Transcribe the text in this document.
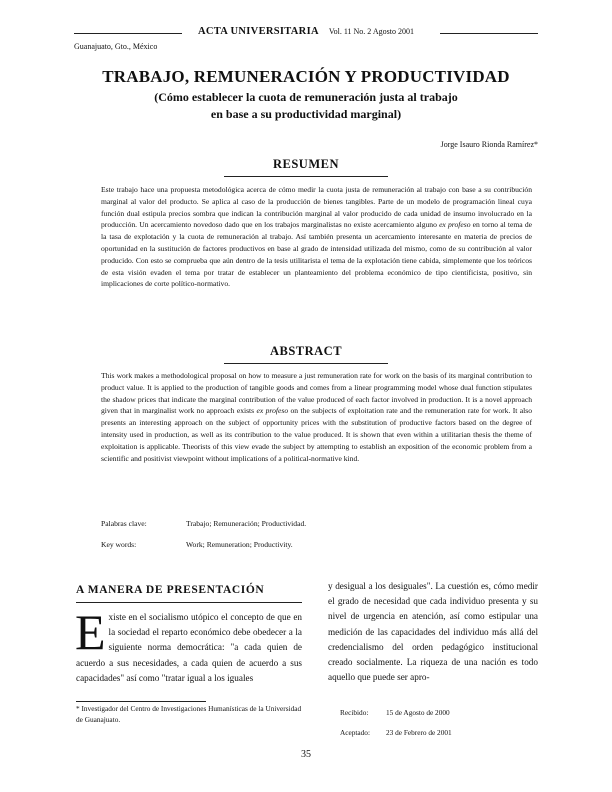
ACTA UNIVERSITARIA Vol. 11 No. 2 Agosto 2001
Guanajuato, Gto., México
TRABAJO, REMUNERACIÓN Y PRODUCTIVIDAD
(Cómo establecer la cuota de remuneración justa al trabajo
en base a su productividad marginal)
Jorge Isauro Rionda Ramírez*
RESUMEN
Este trabajo hace una propuesta metodológica acerca de cómo medir la cuota justa de remuneración al trabajo con base a su contribución marginal al valor del producto. Se aplica al caso de la producción de bienes tangibles. Parte de un modelo de programación lineal cuya función dual estipula precios sombra que indican la contribución marginal al valor producido de cada unidad de insumo involucrado en la producción. Un acercamiento novedoso dado que en los trabajos marginalistas no existe acercamiento alguno ex profeso en torno al tema de la tasa de explotación y la cuota de remuneración al trabajo. Así también presenta un acercamiento interesante en materia de precios de oportunidad en la sustitución de factores productivos en base al grado de intensidad utilizada del mismo, como de su contribución al valor producido. Con esto se comprueba que aún dentro de la tesis utilitarista el tema de la explotación tiene cabida, simplemente que los teóricos de esta visión evaden el tema por tratar de establecer un planteamiento del problema económico de tipo cientificista, positivo, sin implicaciones de corte político-normativo.
ABSTRACT
This work makes a methodological proposal on how to measure a just remuneration rate for work on the basis of its marginal contribution to product value. It is applied to the production of tangible goods and comes from a linear programming model whose dual function stipulates the shadow prices that indicate the marginal contribution of the value produced of each factor involved in production. It is a novel approach given that in marginalist work no approach exists ex profeso on the subjects of exploitation rate and the remuneration rate for work. It also presents an interesting approach on the subject of opportunity prices with the substitution of productive factors based on the degree of intensity used in production, as well as its contribution to the value produced. It is shown that even within a utilitarian thesis the theme of exploitation is applicable. Theorists of this view evade the subject by attempting to establish an exposition of the economic problem from a scientific and positivist viewpoint without implications of a political-normative kind.
Palabras clave:	Trabajo; Remuneración; Productividad.
Key words:	Work; Remuneration; Productivity.
A MANERA DE PRESENTACIÓN
Existe en el socialismo utópico el concepto de que en la sociedad el reparto económico debe obedecer a la siguiente norma democrática: "a cada quien de acuerdo a sus necesidades, a cada quien de acuerdo a sus capacidades" así como "tratar igual a los iguales
y desigual a los desiguales". La cuestión es, cómo medir el grado de necesidad que cada individuo presenta y su nivel de urgencia en atención, así como estipular una medición de las capacidades del individuo más allá del credencialismo del orden pedagógico institucional creado socialmente. La riqueza de una nación es todo aquello que puede ser apro-
* Investigador del Centro de Investigaciones Humanísticas de la Universidad de Guanajuato.
Recibido: 15 de Agosto de 2000
Aceptado: 23 de Febrero de 2001
35
